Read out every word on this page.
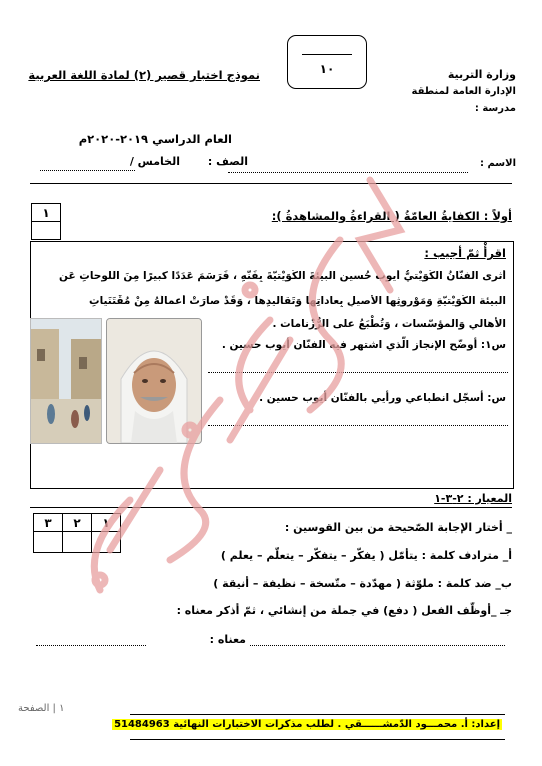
وزارة التربية
الإدارة العامة لمنطقة
مدرسة :
١٠
نموذج اختبار قصير (٢) لمادة اللغة العربية
العام الدراسي ٢٠١٩-٢٠٢٠م
الاسم :
الصف :
الخامس /
١	أولاً : الكفايةُ العامّةُ ( القراءةُ والمشاهدةُ ):
اقرأْ ثمّ أجيب :
أثرى الفنّانُ الكُوَيْتيُّ أيوب حُسين البيئةَ الكُوَيْتيّةَ بِفَنّهِ ، فَرَسَمَ عَدَدًا كبيرًا مِنَ اللّوحاتِ عَنِ
البيئة الكُوَيْتيّةِ وَمَوْروثِها الأصيلِ بِعاداتِها وَتَقاليدِها ، وَقَدْ صارَتْ أعمالُهُ مِنْ مُقْتَنَياتِ
الأهالي وَالمؤسّسات ، وَتُطْبَعُ على الرُّزْنامات .
س١: أوضّح الإنجاز الّذي اشتهر فيه الفنّان أيوب حسين .
س: أسجّل انطباعي ورأيي بالفنّان أيوب حسين .
المعيار : ٢-٣-١
٣	٢	١
			_ أختار الإجابة الصّحيحة من بين القوسين :
أ_ مترادف كلمة : يتأمّل ( يفكّر – يتفكّر – يتعلّم – يعلم )
ب_ ضد كلمة : ملوّثة ( مهدّدة – متّسخة – نظيفة – أنيقة )
جـ _أوظّف الفعل ( دفع) في جملة من إنشائي ، ثمّ أذكر معناه :
معناه :
١ | الصفحة
إعداد: أ. محمـــود الدّمشــــــقي . لطلب مذكرات الاختبارات النهائية 51484963
